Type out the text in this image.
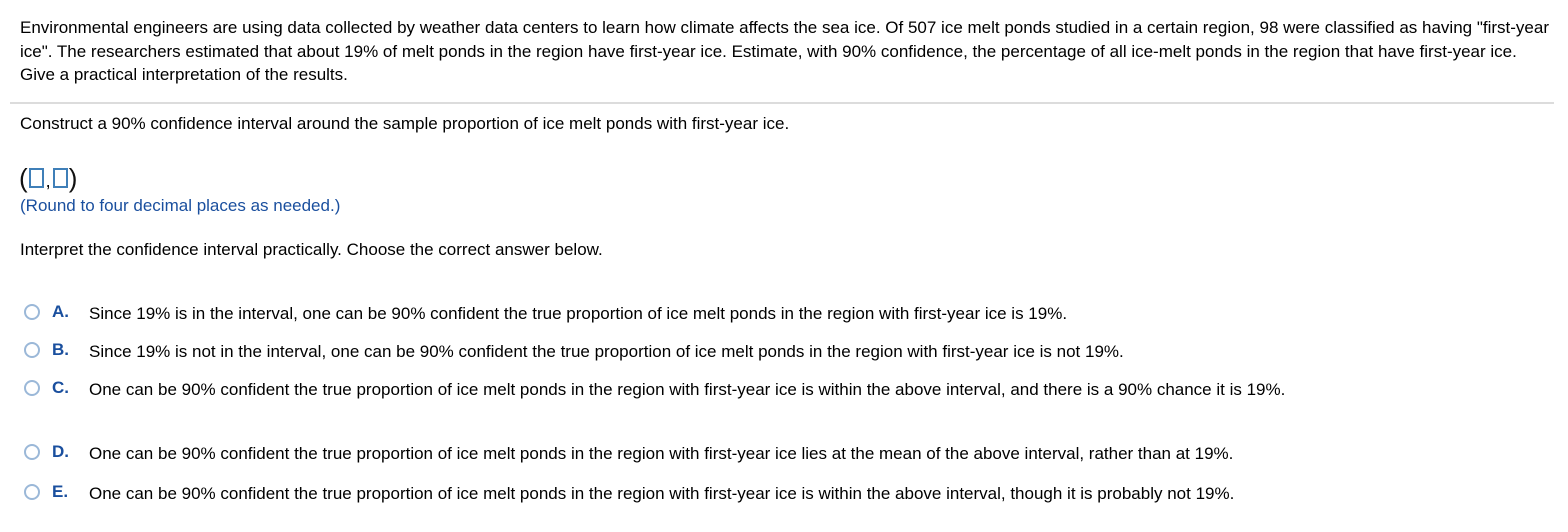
Environmental engineers are using data collected by weather data centers to learn how climate affects the sea ice. Of 507 ice melt ponds studied in a certain region, 98 were classified as having "first-year ice". The researchers estimated that about 19% of melt ponds in the region have first-year ice. Estimate, with 90% confidence, the percentage of all ice-melt ponds in the region that have first-year ice. Give a practical interpretation of the results.
Construct a 90% confidence interval around the sample proportion of ice melt ponds with first-year ice.
( , )
(Round to four decimal places as needed.)
Interpret the confidence interval practically. Choose the correct answer below.
A.	Since 19% is in the interval, one can be 90% confident the true proportion of ice melt ponds in the region with first-year ice is 19%.
B.	Since 19% is not in the interval, one can be 90% confident the true proportion of ice melt ponds in the region with first-year ice is not 19%.
C.	One can be 90% confident the true proportion of ice melt ponds in the region with first-year ice is within the above interval, and there is a 90% chance it is 19%.
D.	One can be 90% confident the true proportion of ice melt ponds in the region with first-year ice lies at the mean of the above interval, rather than at 19%.
E.	One can be 90% confident the true proportion of ice melt ponds in the region with first-year ice is within the above interval, though it is probably not 19%.
